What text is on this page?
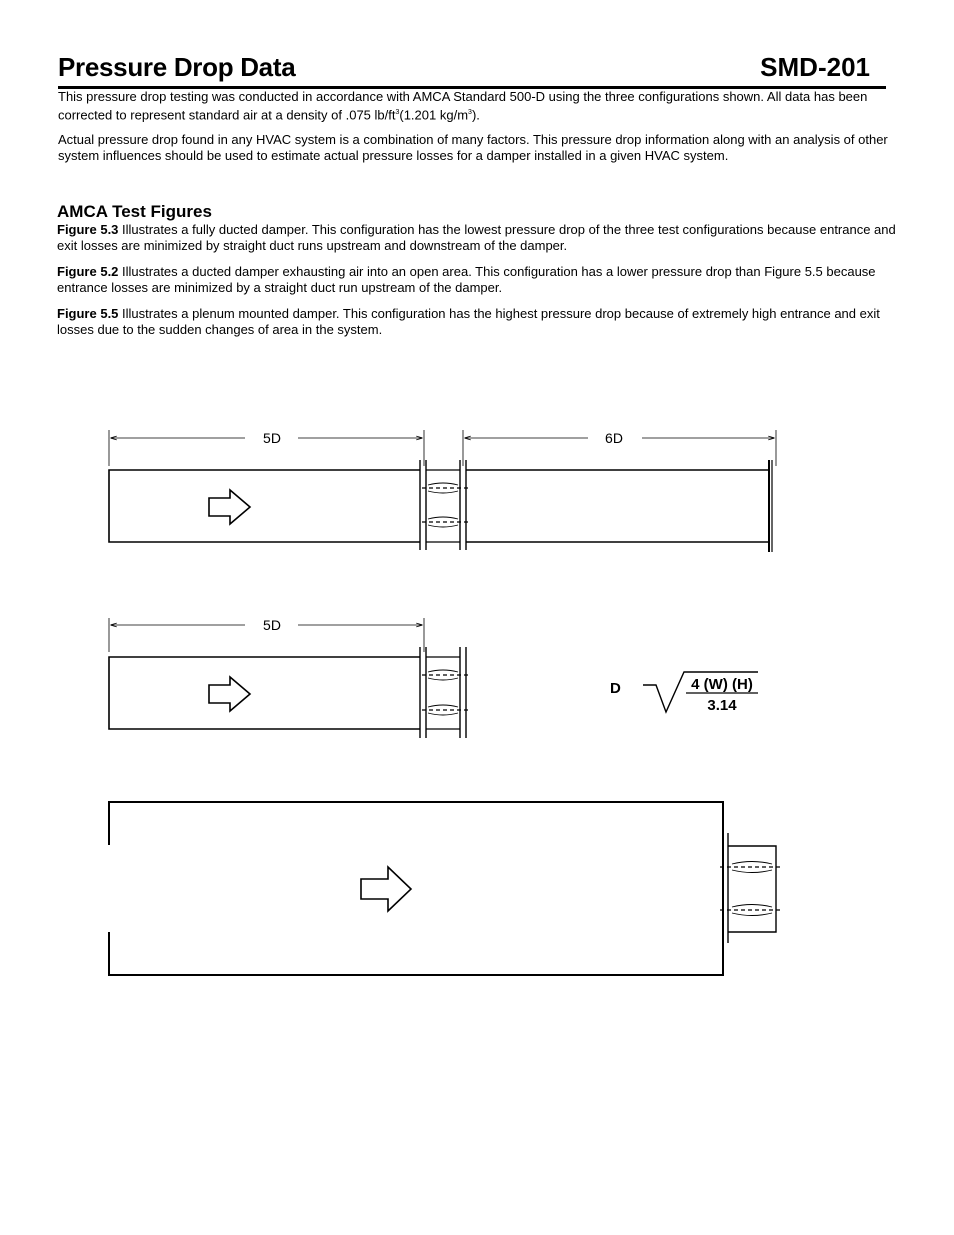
Pressure Drop Data	SMD-201

This pressure drop testing was conducted in accordance with AMCA Standard 500-D using the three configurations shown. All data has been corrected to represent standard air at a density of .075 $lb/ft^3(1.201$ $kg/m^3$).

Actual pressure drop found in any HVAC system is a combination of many factors. This pressure drop information along with an analysis of other system influences should be used to estimate actual pressure losses for a damper installed in a given HVAC system.

AMCA Test Figures

Figure 5.3 Illustrates a fully ducted damper. This configuration has the lowest pressure drop of the three test configurations because entrance and exit losses are minimized by straight duct runs upstream and downstream of the damper.

Figure 5.2 Illustrates a ducted damper exhausting air into an open area. This configuration has a lower pressure drop than Figure 5.5 because entrance losses are minimized by a straight duct run upstream of the damper.

Figure 5.5 Illustrates a plenum mounted damper. This configuration has the highest pressure drop because of extremely high entrance and exit losses due to the sudden changes of area in the system.

5D	6D
5D
D	4 (W) (H)
3.14
